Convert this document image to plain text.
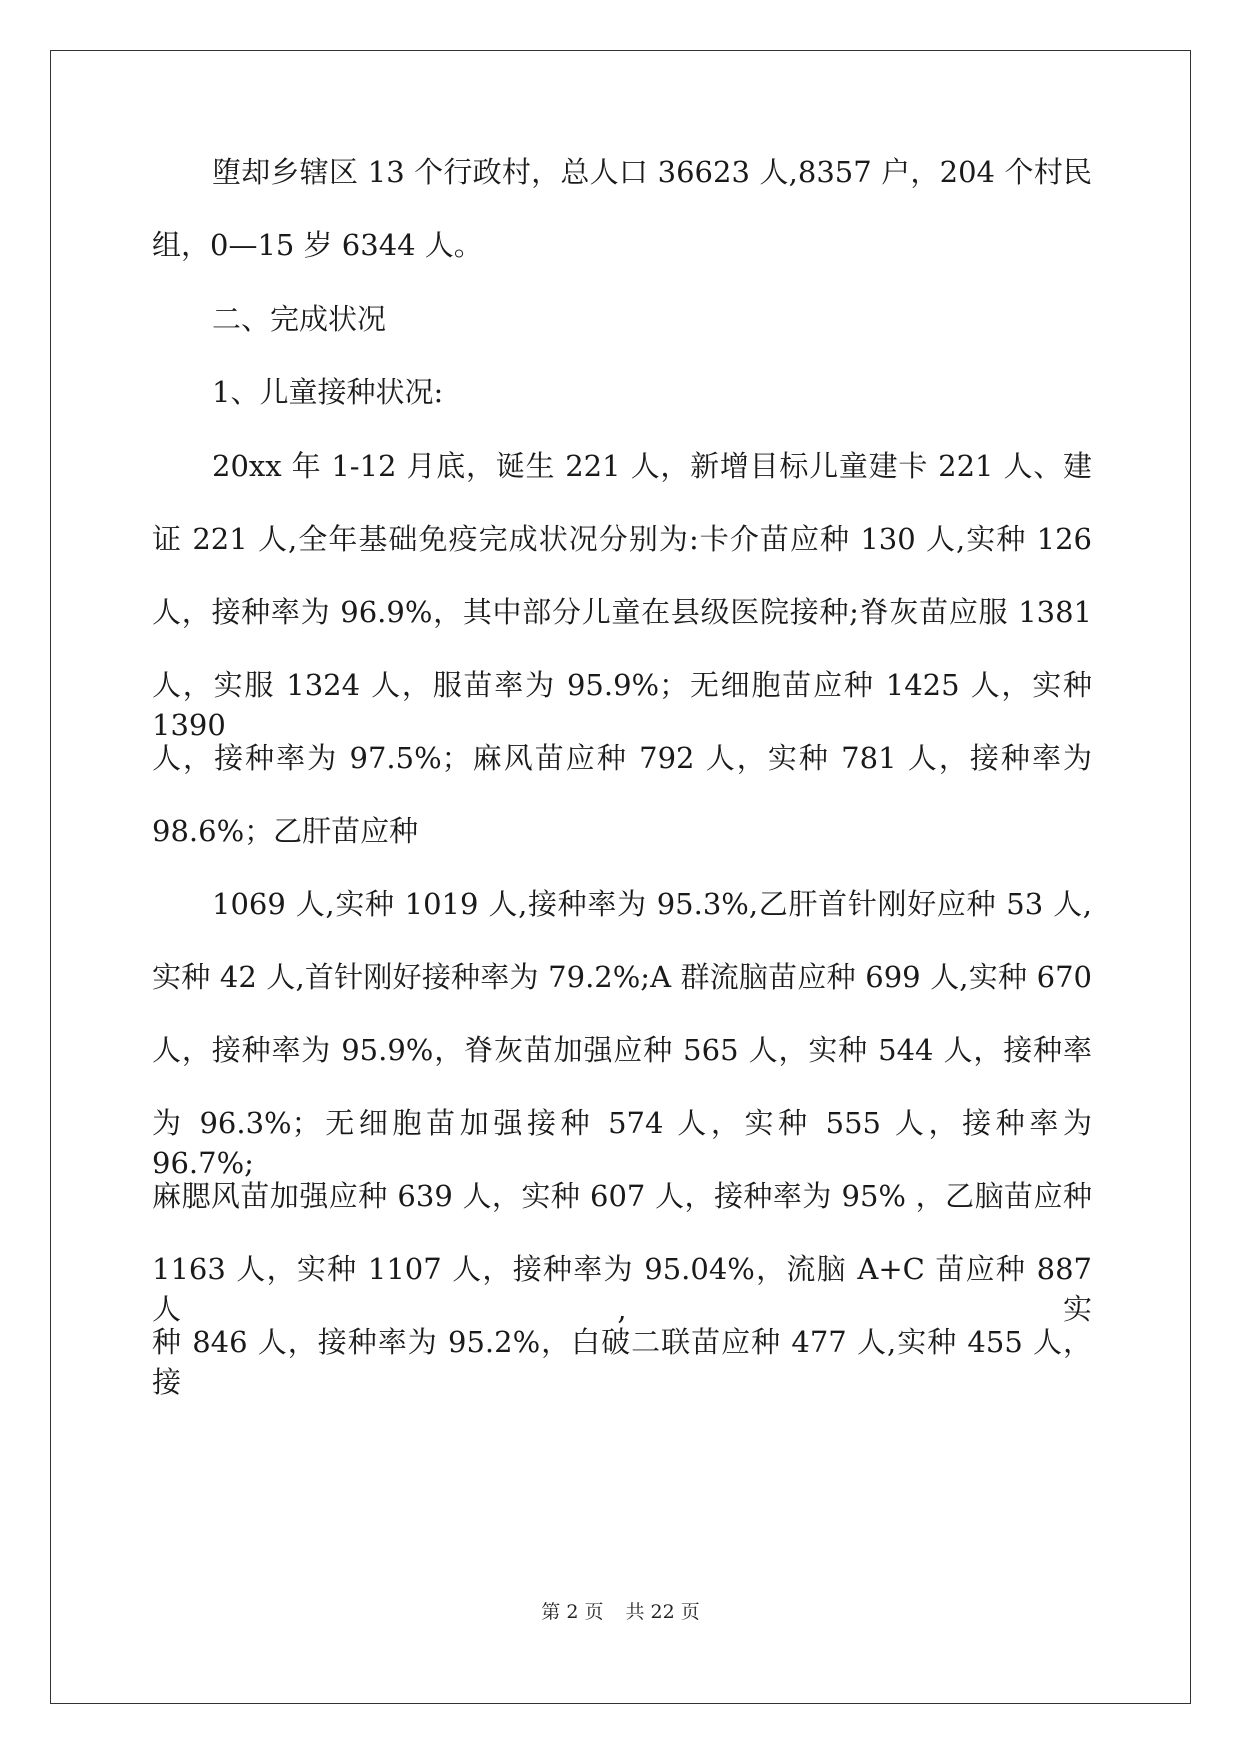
堕却乡辖区 13 个行政村，总人口 36623 人,8357 户，204 个村民
组，0—15 岁 6344 人。
二、完成状况
1、儿童接种状况:
20xx 年 1-12 月底，诞生 221 人，新增目标儿童建卡 221 人、建
证 221 人,全年基础免疫完成状况分别为:卡介苗应种 130 人,实种 126
人，接种率为 96.9%，其中部分儿童在县级医院接种;脊灰苗应服 1381
人，实服 1324 人，服苗率为 95.9%；无细胞苗应种 1425 人，实种 1390
人，接种率为 97.5%；麻风苗应种 792 人，实种 781 人，接种率为
98.6%；乙肝苗应种
1069 人,实种 1019 人,接种率为 95.3%,乙肝首针刚好应种 53 人,
实种 42 人,首针刚好接种率为 79.2%;A 群流脑苗应种 699 人,实种 670
人，接种率为 95.9%，脊灰苗加强应种 565 人，实种 544 人，接种率
为 96.3%；无细胞苗加强接种 574 人，实种 555 人，接种率为 96.7%;
麻腮风苗加强应种 639 人，实种 607 人，接种率为 95% ，乙脑苗应种
1163 人，实种 1107 人，接种率为 95.04%，流脑 A+C 苗应种 887 人,实
种 846 人，接种率为 95.2%，白破二联苗应种 477 人,实种 455 人，接
第 2 页 共 22 页
